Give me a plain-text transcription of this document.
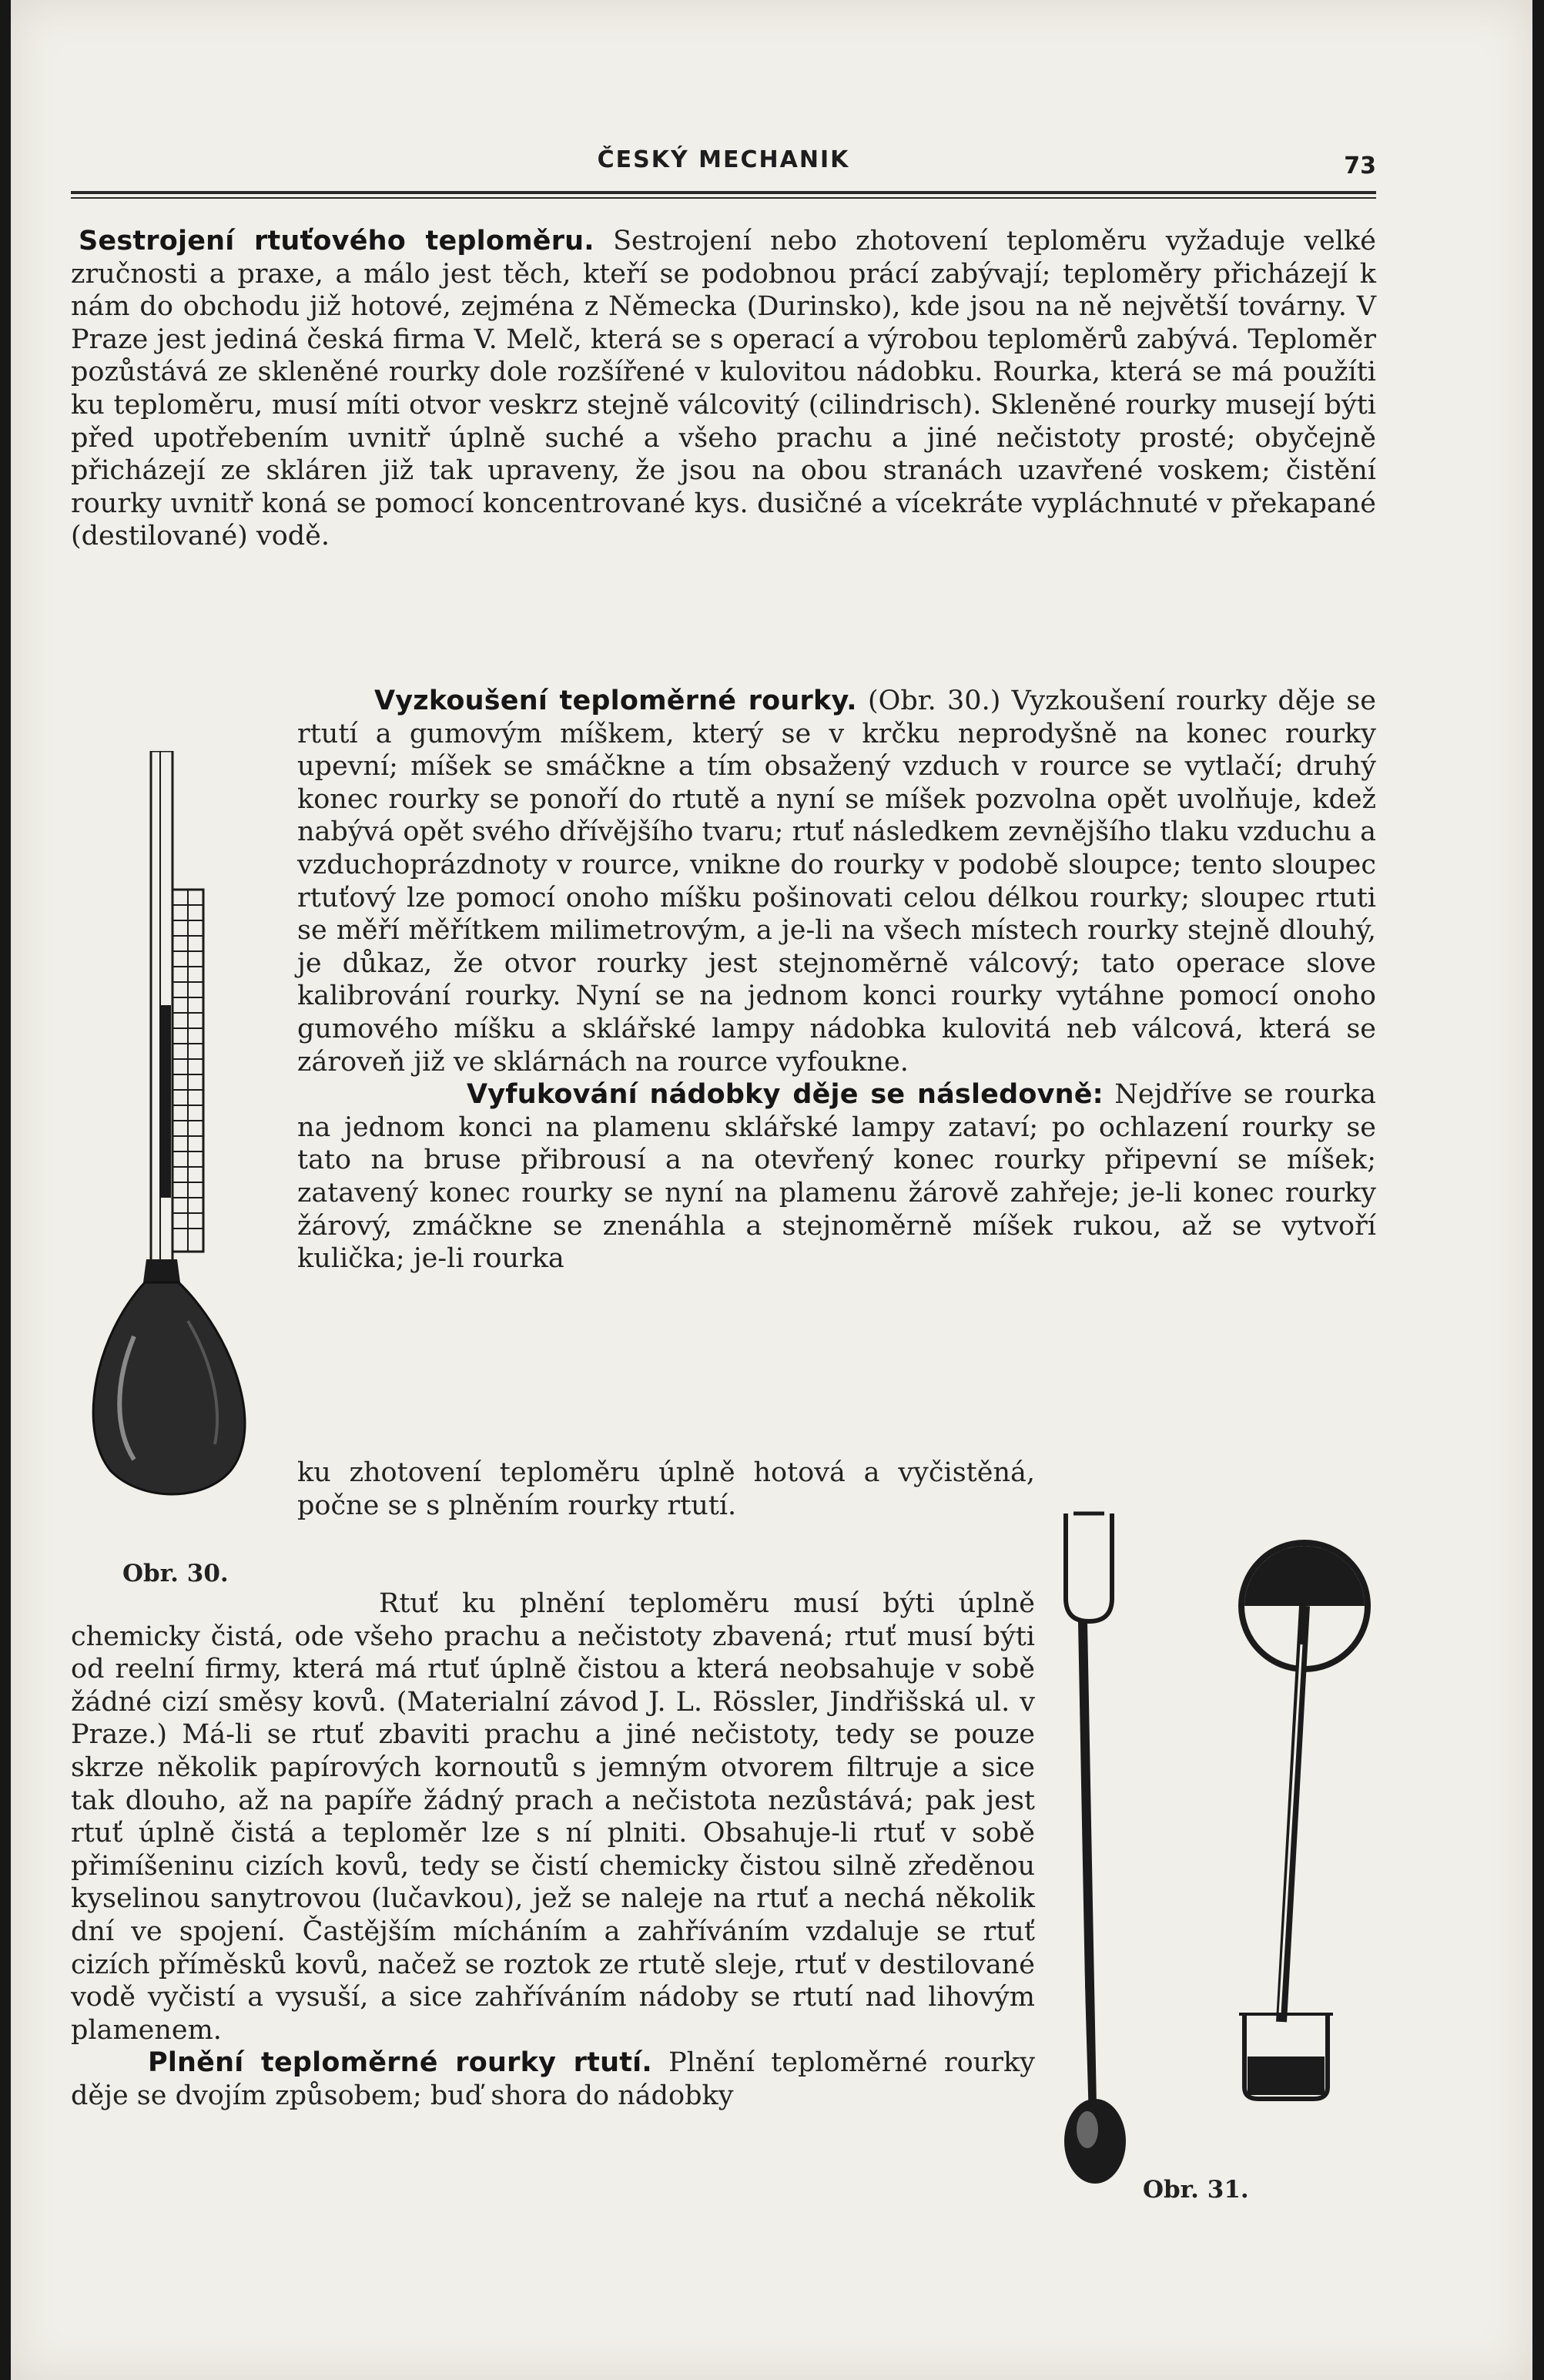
ČESKÝ MECHANIK	73

Sestrojení rtuťového teploměru. Sestrojení nebo zhotovení teploměru vyžaduje velké zručnosti a praxe, a málo jest těch, kteří se podobnou prácí zabývají; teploměry přicházejí k nám do obchodu již hotové, zejména z Německa (Durinsko), kde jsou na ně největší továrny. V Praze jest jediná česká firma V. Melč, která se s operací a výrobou teploměrů zabývá. Teploměr pozůstává ze skleněné rourky dole rozšířené v kulovitou nádobku. Rourka, která se má použíti ku teploměru, musí míti otvor veskrz stejně válcovitý (cilindrisch). Skleněné rourky musejí býti před upotřebením uvnitř úplně suché a všeho prachu a jiné nečistoty prosté; obyčejně přicházejí ze skláren již tak upraveny, že jsou na obou stranách uzavřené voskem; čistění rourky uvnitř koná se pomocí koncentrované kys. dusičné a vícekráte vypláchnuté v překapané (destilované) vodě.

Vyzkoušení teploměrné rourky. (Obr. 30.) Vyzkoušení rourky děje se rtutí a gumovým míškem, který se v krčku neprodyšně na konec rourky upevní; míšek se smáčkne a tím obsažený vzduch v rource se vytlačí; druhý konec rourky se ponoří do rtutě a nyní se míšek pozvolna opět uvolňuje, kdež nabývá opět svého dřívějšího tvaru; rtuť následkem zevnějšího tlaku vzduchu a vzduchoprázdnoty v rource, vnikne do rourky v podobě sloupce; tento sloupec rtuťový lze pomocí onoho míšku pošinovati celou délkou rourky; sloupec rtuti se měří měřítkem milimetrovým, a je-li na všech místech rourky stejně dlouhý, je důkaz, že otvor rourky jest stejnoměrně válcový; tato operace slove kalibrování rourky. Nyní se na jednom konci rourky vytáhne pomocí onoho gumového míšku a sklářské lampy nádobka kulovitá neb válcová, která se zároveň již ve sklárnách na rource vyfoukne.

Vyfukování nádobky děje se následovně: Nejdříve se rourka na jednom konci na plamenu sklářské lampy zataví; po ochlazení rourky se tato na bruse přibrousí a na otevřený konec rourky připevní se míšek; zatavený konec rourky se nyní na plamenu žárově zahřeje; je-li konec rourky žárový, zmáčkne se znenáhla a stejnoměrně míšek rukou, až se vytvoří kulička; je-li rourka

ku zhotovení teploměru úplně hotová a vyčistěná, počne se s plněním rourky rtutí.

Rtuť ku plnění teploměru musí býti úplně chemicky čistá, ode všeho prachu a nečistoty zbavená; rtuť musí býti od reelní firmy, která má rtuť úplně čistou a která neobsahuje v sobě žádné cizí směsy kovů. (Materialní závod J. L. Rössler, Jindřišská ul. v Praze.) Má-li se rtuť zbaviti prachu a jiné nečistoty, tedy se pouze skrze několik papírových kornoutů s jemným otvorem filtruje a sice tak dlouho, až na papíře žádný prach a nečistota nezůstává; pak jest rtuť úplně čistá a teploměr lze s ní plniti. Obsahuje-li rtuť v sobě přimíšeninu cizích kovů, tedy se čistí chemicky čistou silně zředěnou kyselinou sanytrovou (lučavkou), jež se naleje na rtuť a nechá několik dní ve spojení. Častějším mícháním a zahříváním vzdaluje se rtuť cizích příměsků kovů, načež se roztok ze rtutě sleje, rtuť v destilované vodě vyčistí a vysuší, a sice zahříváním nádoby se rtutí nad lihovým plamenem.

Plnění teploměrné rourky rtutí. Plnění teploměrné rourky děje se dvojím způsobem; buď shora do nádobky

Obr. 30.
Obr. 31.
